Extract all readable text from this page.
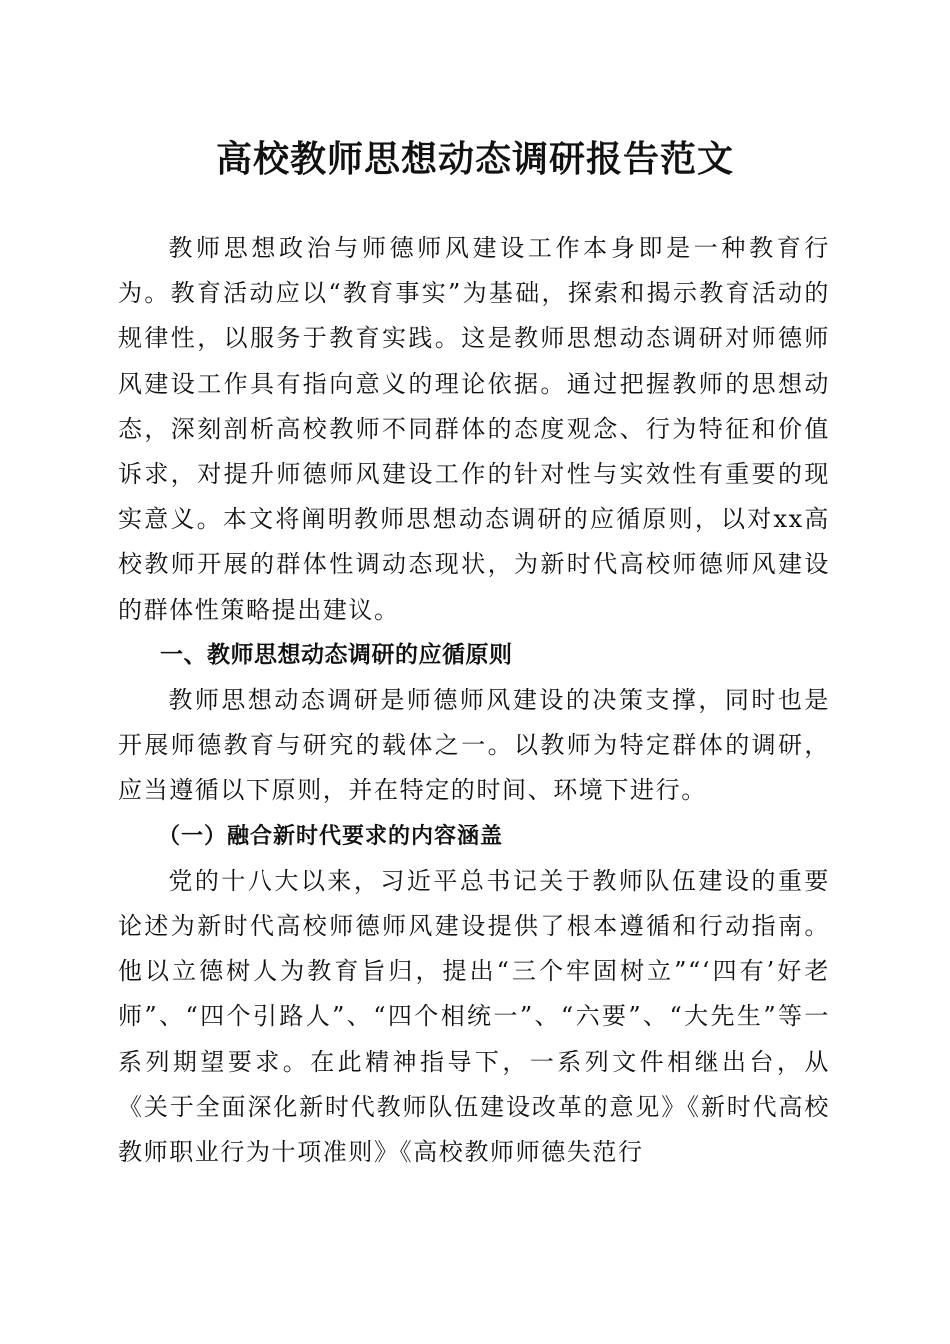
高校教师思想动态调研报告范文

教师思想政治与师德师风建设工作本身即是一种教育行为。教育活动应以“教育事实”为基础，探索和揭示教育活动的规律性，以服务于教育实践。这是教师思想动态调研对师德师风建设工作具有指向意义的理论依据。通过把握教师的思想动态，深刻剖析高校教师不同群体的态度观念、行为特征和价值诉求，对提升师德师风建设工作的针对性与实效性有重要的现实意义。本文将阐明教师思想动态调研的应循原则，以对xx高校教师开展的群体性调动态现状，为新时代高校师德师风建设的群体性策略提出建议。

一、教师思想动态调研的应循原则

教师思想动态调研是师德师风建设的决策支撑，同时也是开展师德教育与研究的载体之一。以教师为特定群体的调研，应当遵循以下原则，并在特定的时间、环境下进行。

（一）融合新时代要求的内容涵盖

党的十八大以来，习近平总书记关于教师队伍建设的重要论述为新时代高校师德师风建设提供了根本遵循和行动指南。他以立德树人为教育旨归，提出“三个牢固树立”“‘四有’好老师”、“四个引路人”、“四个相统一”、“六要”、“大先生”等一系列期望要求。在此精神指导下，一系列文件相继出台，从《关于全面深化新时代教师队伍建设改革的意见》《新时代高校教师职业行为十项准则》《高校教师师德失范行
